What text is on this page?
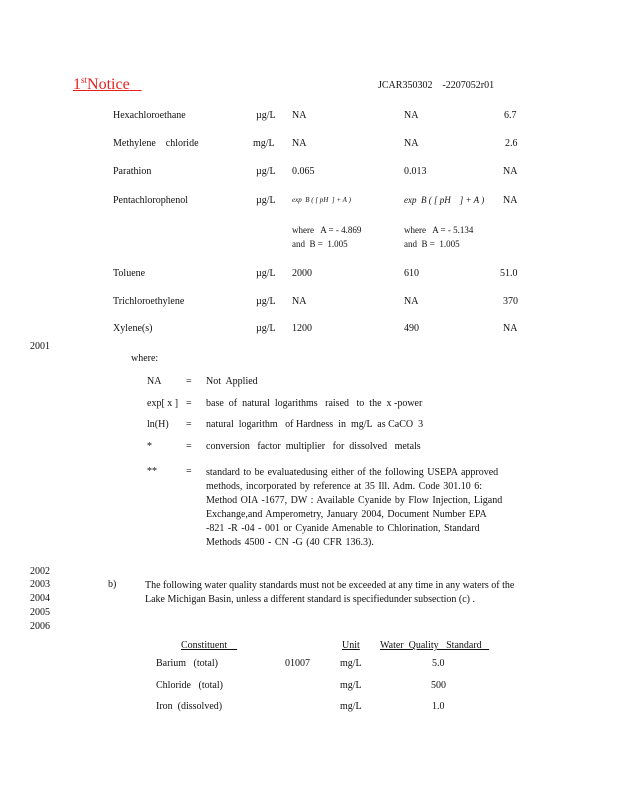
1stNotice	JCAR350302 -2207052r01
Hexachloroethane	µg/L NA	NA	6.7
Methylene    chloride	mg/L NA	NA	2.6
Parathion	µg/L 0.065	0.013	NA
Pentachlorophenol	µg/L exp  B ( [ pH  ] + A )	exp  B ( [ pH    ] + A ) NA
where   A = - 4.869
and  B =  1.005
where   A = - 5.134
and  B =  1.005
Toluene	µg/L 2000	610	51.0
Trichloroethylene	µg/L NA	NA	370
Xylene(s)	µg/L 1200	490	NA
2001
2002
2003
2004
2005
2006
where:
NA = Not  Applied
exp[ x ] = base  of  natural  logarithms   raised   to  the  x -power
ln(H) = natural  logarithm   of Hardness  in  mg/L  as CaCO  3
*	= conversion   factor  multiplier   for  dissolved   metals
**	= standard to be evaluatedusing either of the following USEPA approved methods, incorporated by reference at 35 Ill. Adm. Code 301.10 6: Method OIA -1677, DW : Available Cyanide by Flow Injection, Ligand Exchange,and Amperometry, January 2004, Document Number EPA -821 -R -04 - 001 or Cyanide Amenable to Chlorination, Standard Methods 4500 - CN -G (40 CFR 136.3).
b)	The following water quality standards must not be exceeded at any time in any waters of the Lake Michigan Basin, unless a different standard is specifiedunder subsection (c) .
Constituent	Unit Water  Quality   Standard
Barium   (total)	01007	mg/L	5.0
Chloride   (total)	mg/L	500
Iron  (dissolved)	mg/L	1.0
